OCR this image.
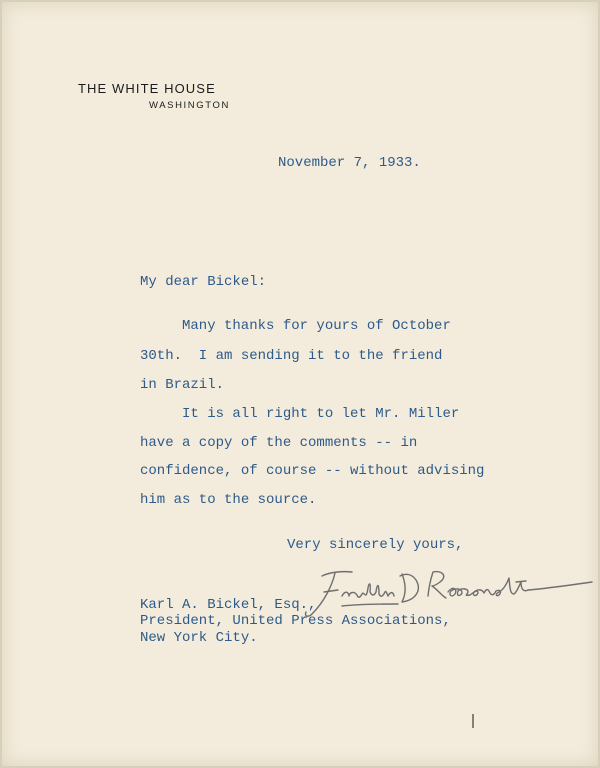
THE WHITE HOUSE
WASHINGTON

November 7, 1933.

My dear Bickel:

Many thanks for yours of October

30th.  I am sending it to the friend

in Brazil.

It is all right to let Mr. Miller

have a copy of the comments -- in

confidence, of course -- without advising

him as to the source.

Very sincerely yours,

Karl A. Bickel, Esq.,

President, United Press Associations,

New York City.
